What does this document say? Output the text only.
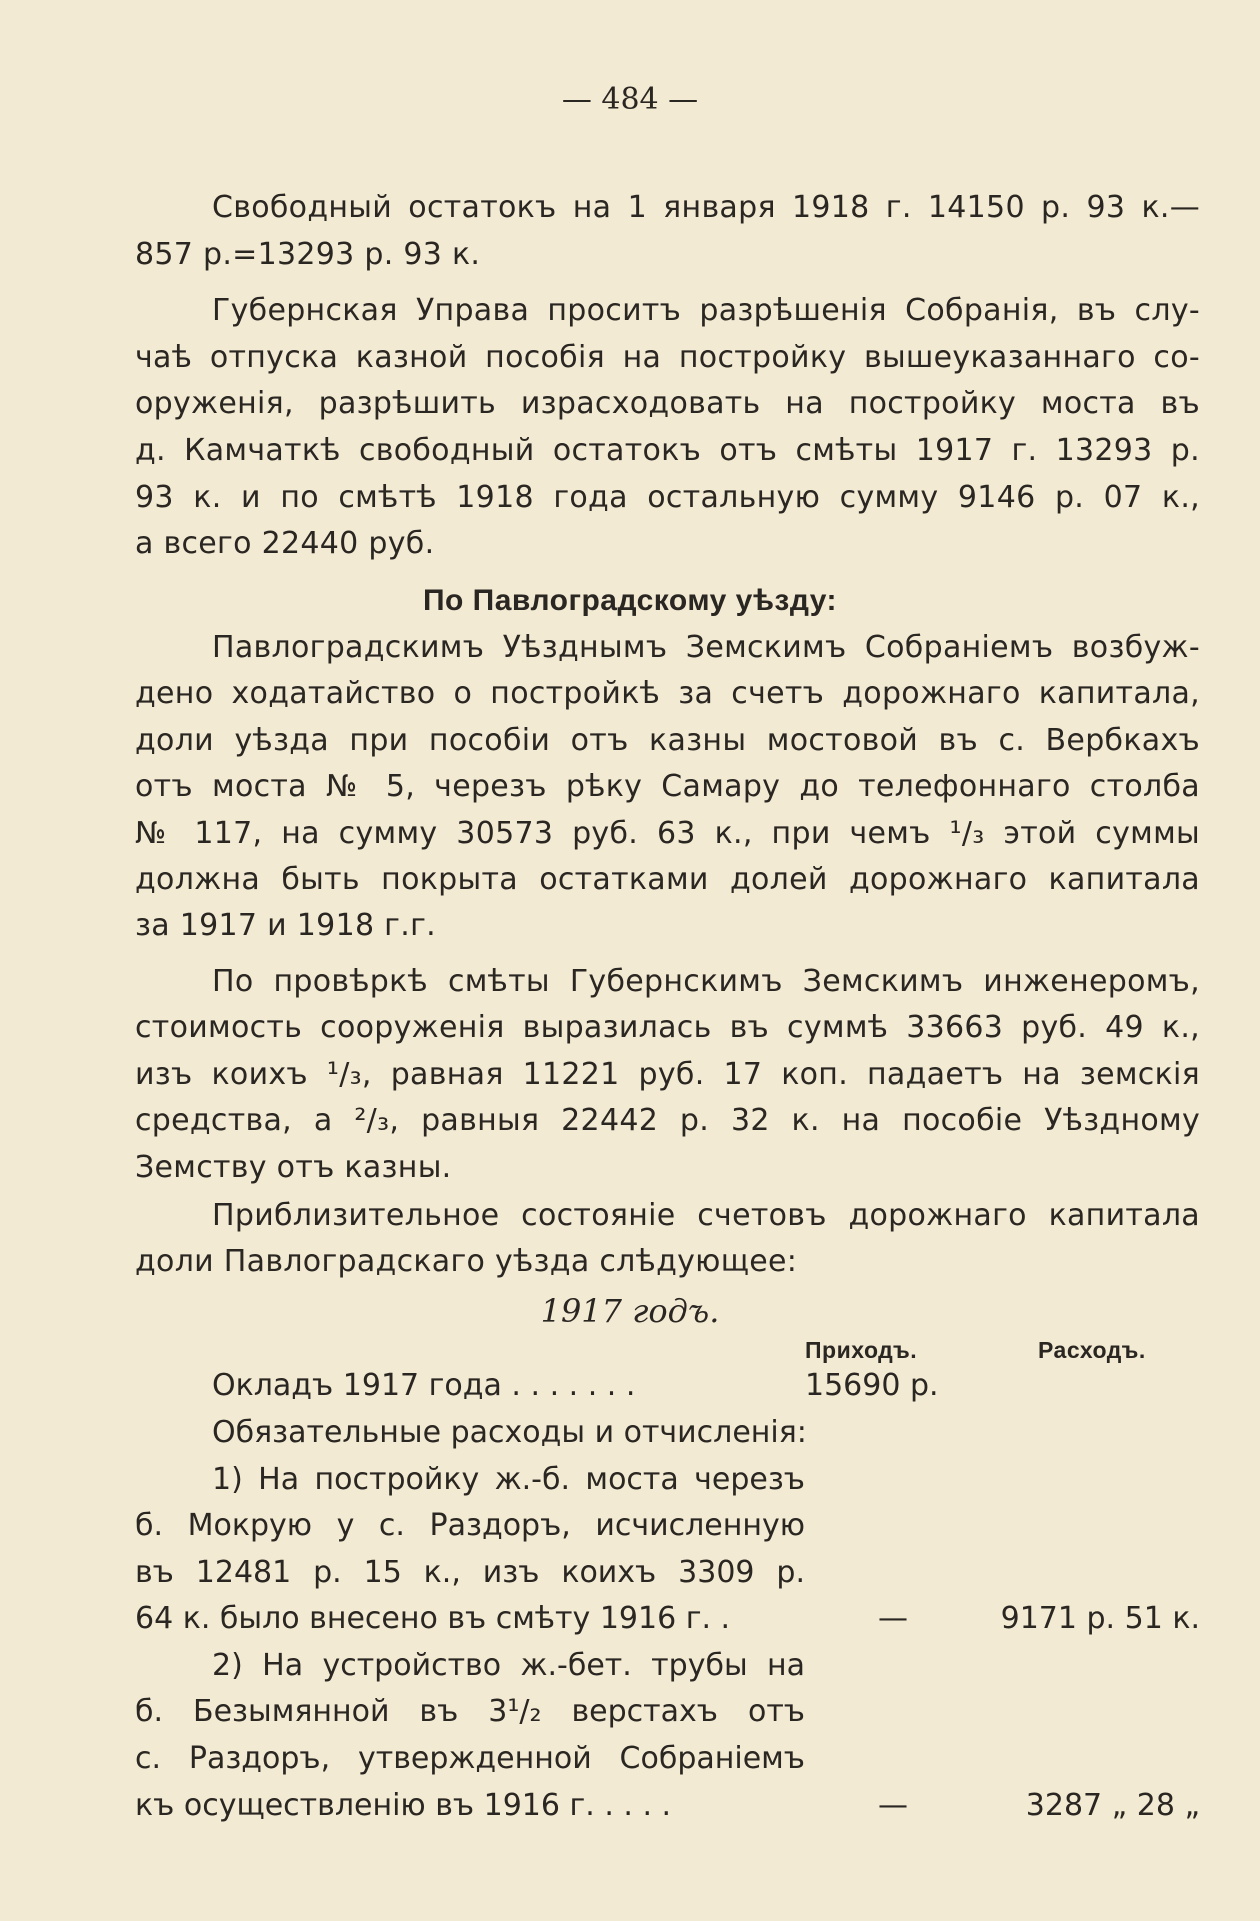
— 484 —
Свободный остатокъ на 1 января 1918 г. 14150 р. 93 к.—
857 р.=13293 р. 93 к.
Губернская Управа проситъ разрѣшенія Собранія, въ слу-
чаѣ отпуска казной пособія на постройку вышеуказаннаго со-
оруженія, разрѣшить израсходовать на постройку моста въ
д. Камчаткѣ свободный остатокъ отъ смѣты 1917 г. 13293 р.
93 к. и по смѣтѣ 1918 года остальную сумму 9146 р. 07 к.,
а всего 22440 руб.
По Павлоградскому уѣзду:
Павлоградскимъ Уѣзднымъ Земскимъ Собраніемъ возбуж-
дено ходатайство о постройкѣ за счетъ дорожнаго капитала,
доли уѣзда при пособіи отъ казны мостовой въ с. Вербкахъ
отъ моста № 5, черезъ рѣку Самару до телефоннаго столба
№ 117, на сумму 30573 руб. 63 к., при чемъ ¹/₃ этой суммы
должна быть покрыта остатками долей дорожнаго капитала
за 1917 и 1918 г.г.
По провѣркѣ смѣты Губернскимъ Земскимъ инженеромъ,
стоимость сооруженія выразилась въ суммѣ 33663 руб. 49 к.,
изъ коихъ ¹/₃, равная 11221 руб. 17 коп. падаетъ на земскія
средства, а ²/₃, равныя 22442 р. 32 к. на пособіе Уѣздному
Земству отъ казны.
Приблизительное состояніе счетовъ дорожнаго капитала
доли Павлоградскаго уѣзда слѣдующее:
1917 годъ.
Приходъ.	Расходъ.
Окладъ 1917 года . . . . . . .	15690 р.
Обязательные расходы и отчисленія:
1) На постройку ж.-б. моста черезъ
б. Мокрую у с. Раздоръ, исчисленную
въ 12481 р. 15 к., изъ коихъ 3309 р.
64 к. было внесено въ смѣту 1916 г. .	—	9171 р. 51 к.
2) На устройство ж.-бет. трубы на
б. Безымянной въ 3¹/₂ верстахъ отъ
с. Раздоръ, утвержденной Собраніемъ
къ осуществленію въ 1916 г. . . . .	—	3287 „ 28 „
